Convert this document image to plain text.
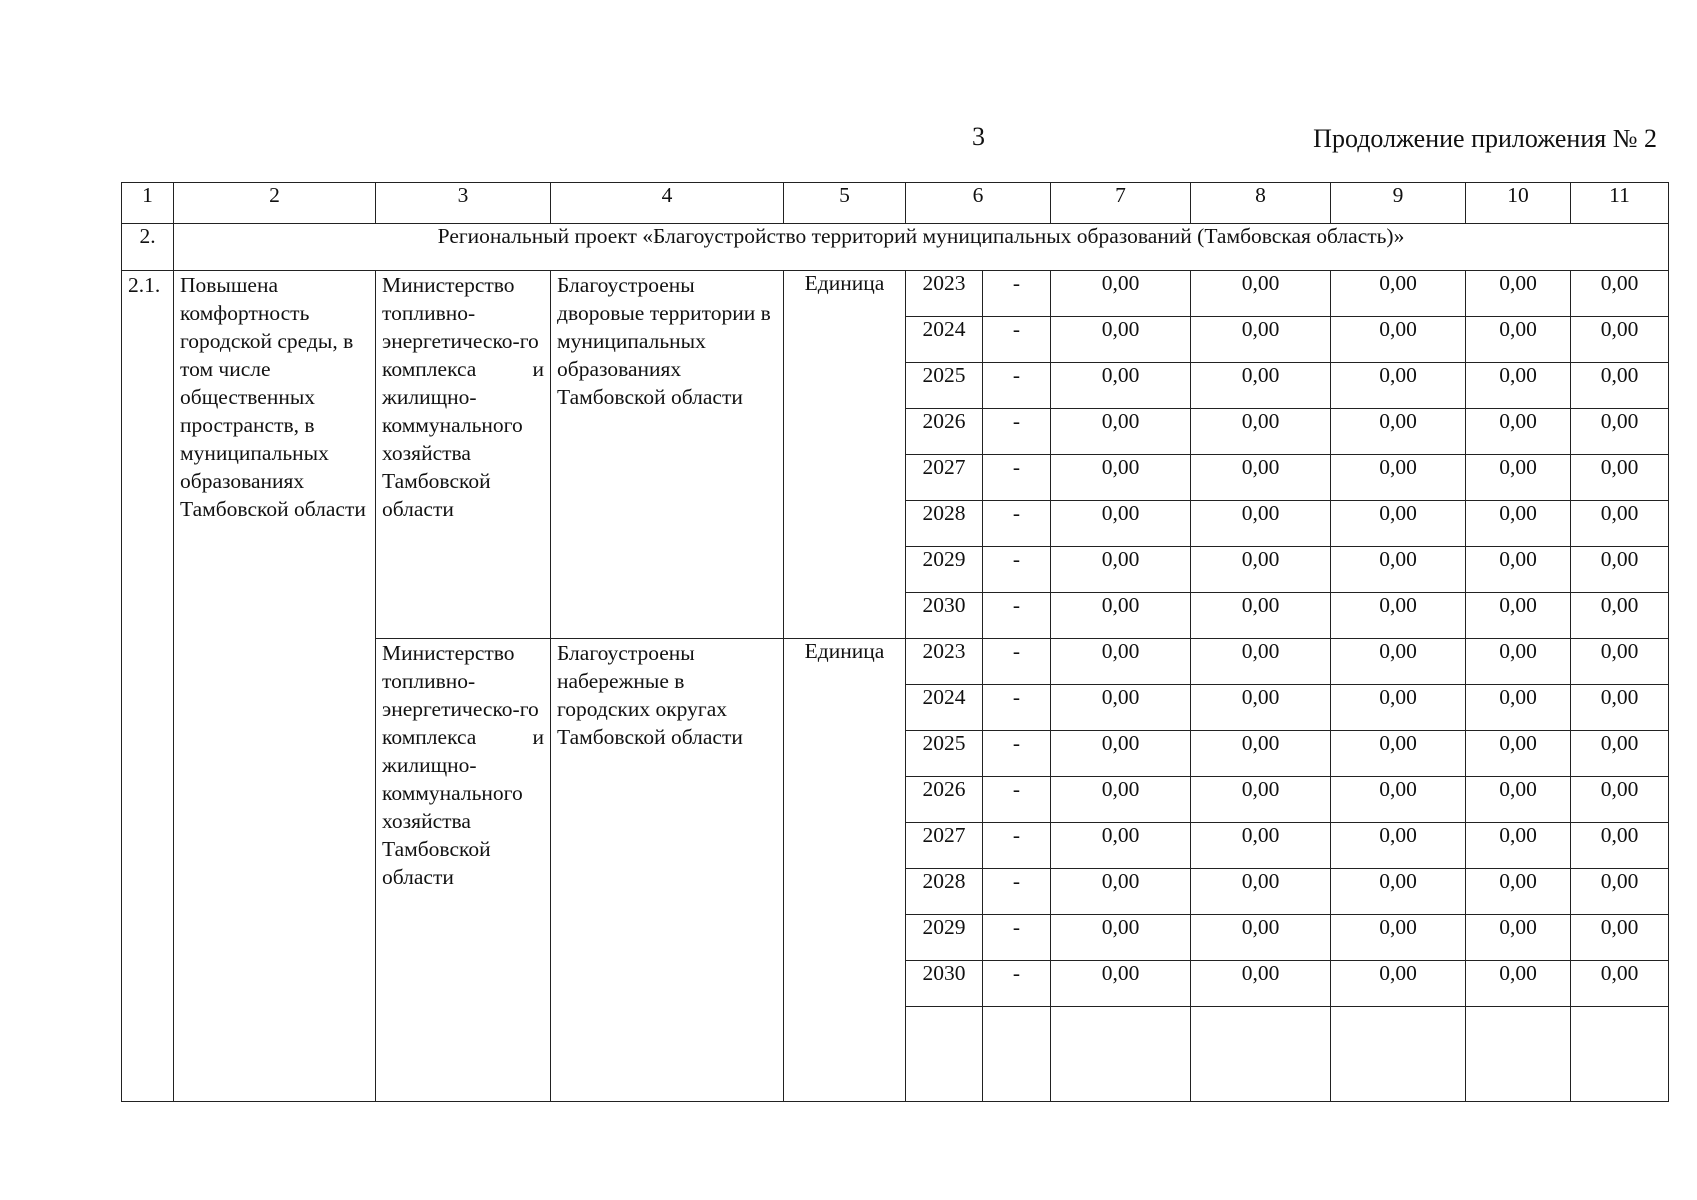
3	Продолжение приложения № 2
1	2	3	4	5	6		7	8	9	10	11
2.	Региональный проект «Благоустройство территорий муниципальных образований (Тамбовская область)»										
2.1.	Повышена комфортность городской среды, в том числе общественных пространств, в муниципальных образованиях Тамбовской области	Министерство топливно-энергетическо-го комплекса и жилищно-коммунального хозяйства Тамбовской области	Благоустроены дворовые территории в муниципальных образованиях Тамбовской области	Единица	2023	-	0,00	0,00	0,00	0,00	0,00
					2024	-	0,00	0,00	0,00	0,00	0,00
					2025	-	0,00	0,00	0,00	0,00	0,00
					2026	-	0,00	0,00	0,00	0,00	0,00
					2027	-	0,00	0,00	0,00	0,00	0,00
					2028	-	0,00	0,00	0,00	0,00	0,00
					2029	-	0,00	0,00	0,00	0,00	0,00
					2030	-	0,00	0,00	0,00	0,00	0,00
		Министерство топливно-энергетическо-го комплекса и жилищно-коммунального хозяйства Тамбовской области	Благоустроены набережные в городских округах Тамбовской области	Единица	2023	-	0,00	0,00	0,00	0,00	0,00
					2024	-	0,00	0,00	0,00	0,00	0,00
					2025	-	0,00	0,00	0,00	0,00	0,00
					2026	-	0,00	0,00	0,00	0,00	0,00
					2027	-	0,00	0,00	0,00	0,00	0,00
					2028	-	0,00	0,00	0,00	0,00	0,00
					2029	-	0,00	0,00	0,00	0,00	0,00
					2030	-	0,00	0,00	0,00	0,00	0,00
